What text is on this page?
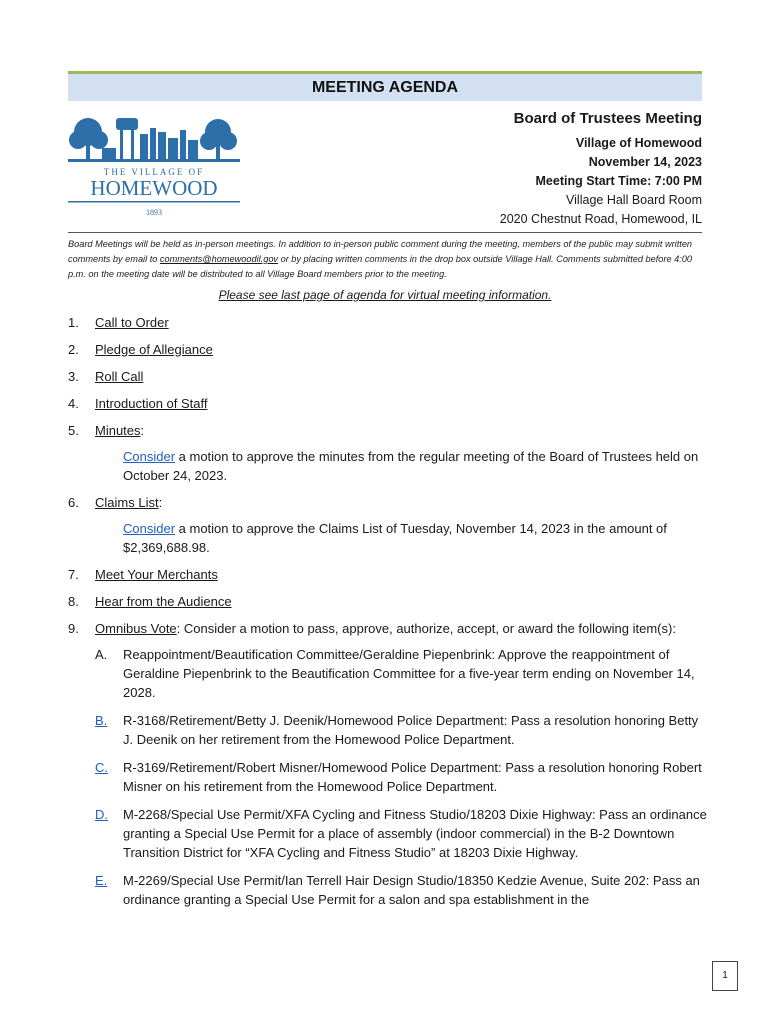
MEETING AGENDA
THE VILLAGE OF
HOMEWOOD
1893
Board of Trustees Meeting
Village of Homewood
November 14, 2023
Meeting Start Time: 7:00 PM
Village Hall Board Room
2020 Chestnut Road, Homewood, IL
Board Meetings will be held as in-person meetings. In addition to in-person public comment during the meeting, members of the public may submit written comments by email to comments@homewoodil.gov or by placing written comments in the drop box outside Village Hall. Comments submitted before 4:00 p.m. on the meeting date will be distributed to all Village Board members prior to the meeting.
Please see last page of agenda for virtual meeting information.
1. Call to Order
2. Pledge of Allegiance
3. Roll Call
4. Introduction of Staff
5. Minutes:
Consider a motion to approve the minutes from the regular meeting of the Board of Trustees held on October 24, 2023.
6. Claims List:
Consider a motion to approve the Claims List of Tuesday, November 14, 2023 in the amount of $2,369,688.98.
7. Meet Your Merchants
8. Hear from the Audience
9. Omnibus Vote: Consider a motion to pass, approve, authorize, accept, or award the following item(s):
A. Reappointment/Beautification Committee/Geraldine Piepenbrink: Approve the reappointment of Geraldine Piepenbrink to the Beautification Committee for a five-year term ending on November 14, 2028.
B. R-3168/Retirement/Betty J. Deenik/Homewood Police Department: Pass a resolution honoring Betty J. Deenik on her retirement from the Homewood Police Department.
C. R-3169/Retirement/Robert Misner/Homewood Police Department: Pass a resolution honoring Robert Misner on his retirement from the Homewood Police Department.
D. M-2268/Special Use Permit/XFA Cycling and Fitness Studio/18203 Dixie Highway: Pass an ordinance granting a Special Use Permit for a place of assembly (indoor commercial) in the B-2 Downtown Transition District for “XFA Cycling and Fitness Studio” at 18203 Dixie Highway.
E. M-2269/Special Use Permit/Ian Terrell Hair Design Studio/18350 Kedzie Avenue, Suite 202: Pass an ordinance granting a Special Use Permit for a salon and spa establishment in the
1
